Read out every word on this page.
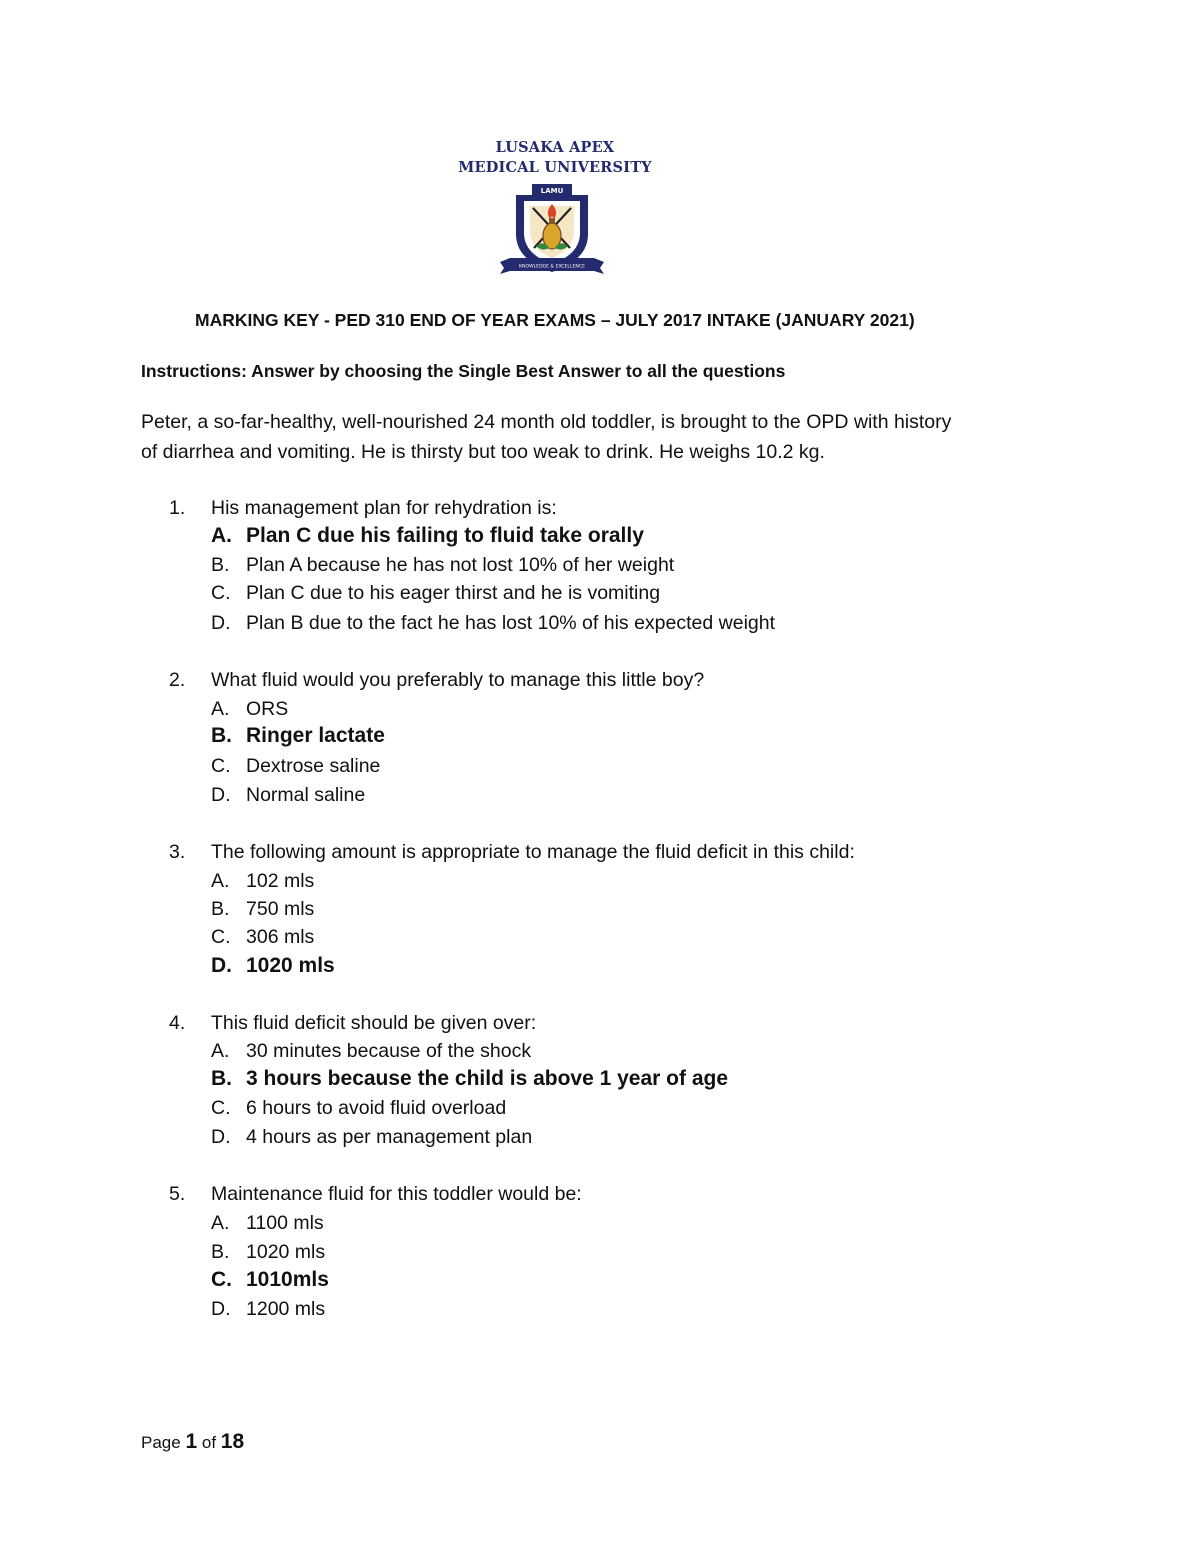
LUSAKA APEX
MEDICAL UNIVERSITY
LAMU
KNOWLEDGE & EXCELLENCE
MARKING KEY - PED 310 END OF YEAR EXAMS – JULY 2017 INTAKE (JANUARY 2021)
Instructions: Answer by choosing the Single Best Answer to all the questions
Peter, a so-far-healthy, well-nourished 24 month old toddler, is brought to the OPD with history
of diarrhea and vomiting. He is thirsty but too weak to drink. He weighs 10.2 kg.
1. His management plan for rehydration is:
A. Plan C due his failing to fluid take orally
B. Plan A because he has not lost 10% of her weight
C. Plan C due to his eager thirst and he is vomiting
D. Plan B due to the fact he has lost 10% of his expected weight
2. What fluid would you preferably to manage this little boy?
A. ORS
B. Ringer lactate
C. Dextrose saline
D. Normal saline
3. The following amount is appropriate to manage the fluid deficit in this child:
A. 102 mls
B. 750 mls
C. 306 mls
D. 1020 mls
4. This fluid deficit should be given over:
A. 30 minutes because of the shock
B. 3 hours because the child is above 1 year of age
C. 6 hours to avoid fluid overload
D. 4 hours as per management plan
5. Maintenance fluid for this toddler would be:
A. 1100 mls
B. 1020 mls
C. 1010mls
D. 1200 mls
Page 1 of 18
